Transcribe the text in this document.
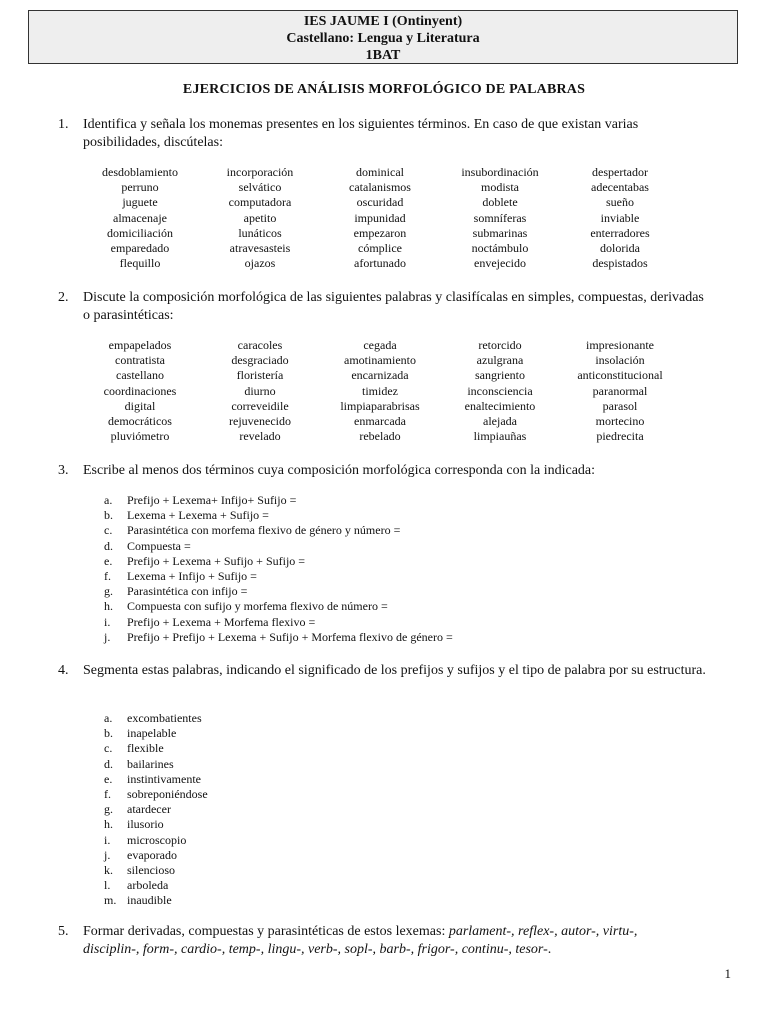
IES JAUME I (Ontinyent)
Castellano: Lengua y Literatura
1BAT
EJERCICIOS DE ANÁLISIS MORFOLÓGICO DE PALABRAS
1. Identifica y señala los monemas presentes en los siguientes términos. En caso de que existan varias posibilidades, discútelas:
desdoblamiento	incorporación	dominical	insubordinación	despertador
perruno	selvático	catalanismos	modista	adecentabas
juguete	computadora	oscuridad	doblete	sueño
almacenaje	apetito	impunidad	somníferas	inviable
domiciliación	lunáticos	empezaron	submarinas	enterradores
emparedado	atravesasteis	cómplice	noctámbulo	dolorida
flequillo	ojazos	afortunado	envejecido	despistados
2. Discute la composición morfológica de las siguientes palabras y clasifícalas en simples, compuestas, derivadas o parasintéticas:
empapelados	caracoles	cegada	retorcido	impresionante
contratista	desgraciado	amotinamiento	azulgrana	insolación
castellano	floristería	encarnizada	sangriento	anticonstitucional
coordinaciones	diurno	timidez	inconsciencia	paranormal
digital	correveidile	limpiaparabrisas	enaltecimiento	parasol
democráticos	rejuvenecido	enmarcada	alejada	mortecino
pluviómetro	revelado	rebelado	limpiauñas	piedrecita
3. Escribe al menos dos términos cuya composición morfológica corresponda con la indicada:
a. Prefijo + Lexema+ Infijo+ Sufijo =
b. Lexema + Lexema + Sufijo =
c. Parasintética con morfema flexivo de género y número =
d. Compuesta =
e. Prefijo + Lexema + Sufijo + Sufijo =
f. Lexema + Infijo + Sufijo =
g. Parasintética con infijo =
h. Compuesta con sufijo y morfema flexivo de número =
i. Prefijo + Lexema + Morfema flexivo =
j. Prefijo + Prefijo + Lexema + Sufijo + Morfema flexivo de género =
4. Segmenta estas palabras, indicando el significado de los prefijos y sufijos y el tipo de palabra por su estructura.
a. excombatientes
b. inapelable
c. flexible
d. bailarines
e. instintivamente
f. sobreponiéndose
g. atardecer
h. ilusorio
i. microscopio
j. evaporado
k. silencioso
l. arboleda
m. inaudible
5. Formar derivadas, compuestas y parasintéticas de estos lexemas: parlament-, reflex-, autor-, virtu-,
disciplin-, form-, cardio-, temp-, lingu-, verb-, sopl-, barb-, frigor-, continu-, tesor-.
1
